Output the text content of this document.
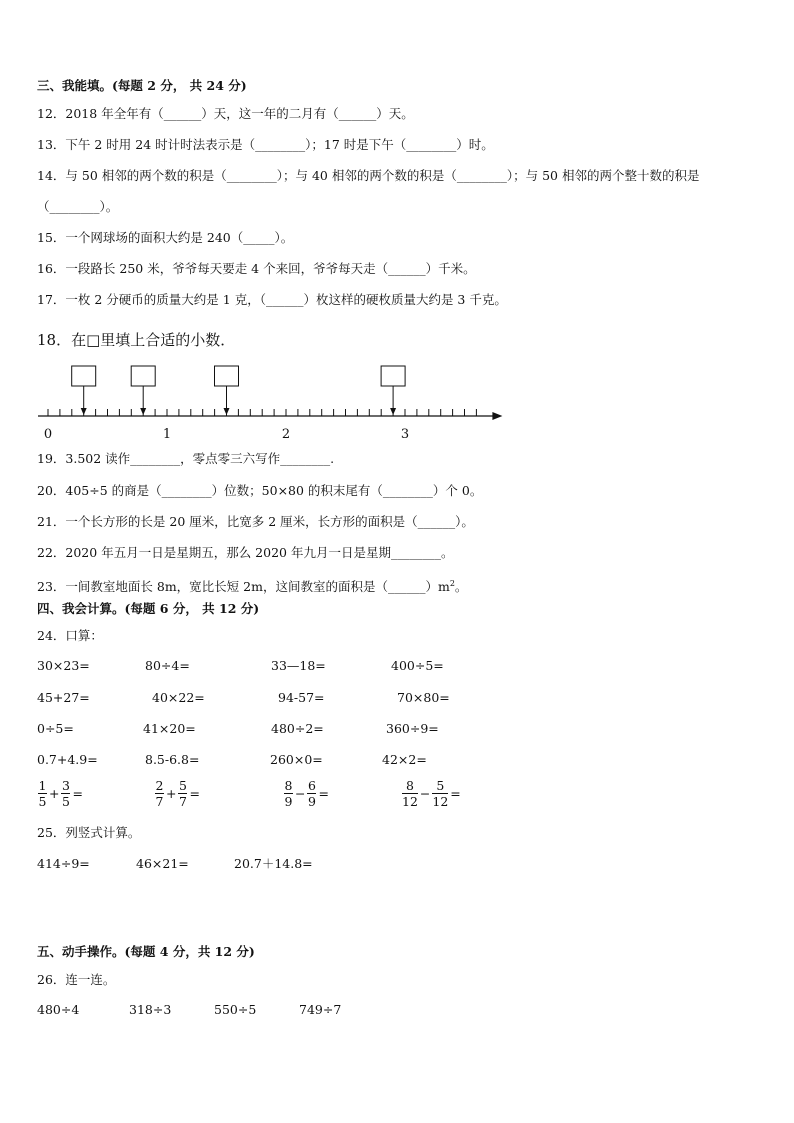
三、我能填。(每题 2 分， 共 24 分)
12．2018 年全年有（______）天，这一年的二月有（______）天。
13．下午 2 时用 24 时计时法表示是（________）；17 时是下午（________）时。
14．与 50 相邻的两个数的积是（________）；与 40 相邻的两个数的积是（________）；与 50 相邻的两个整十数的积是
（________）。
15．一个网球场的面积大约是 240（_____）。
16．一段路长 250 米，爷爷每天要走 4 个来回，爷爷每天走（______）千米。
17．一枚 2 分硬币的质量大约是 1 克，（______）枚这样的硬枚质量大约是 3 千克。
18．在□里填上合适的小数．
0	1	2	3
19．3.502 读作________，零点零三六写作________.
20．405÷5 的商是（________）位数；50×80 的积末尾有（________）个 0。
21．一个长方形的长是 20 厘米，比宽多 2 厘米，长方形的面积是（______）。
22．2020 年五月一日是星期五，那么 2020 年九月一日是星期________。
23．一间教室地面长 8m，宽比长短 2m，这间教室的面积是$(\_\_\_\_\_\_)m^2$。
四、我会计算。(每题 6 分， 共 12 分)
24．口算：
30×23=	80÷4=	33—18=	400÷5=
45+27=	40×22=	94-57=	70×80=
0÷5=	41×20=	480÷2=	360÷9=
0.7+4.9=	8.5-6.8=	260×0=	42×2=
$\frac{1}{5} + \frac{3}{5}$ =	$\frac{2}{7} + \frac{5}{7}$ =	$\frac{8}{9} - \frac{6}{9}$ =	$\frac{8}{12} - \frac{5}{12}$ =
25．列竖式计算。
414÷9=	46×21=	20.7＋14.8=
五、动手操作。(每题 4 分，共 12 分)
26．连一连。
480÷4	318÷3	550÷5	749÷7
